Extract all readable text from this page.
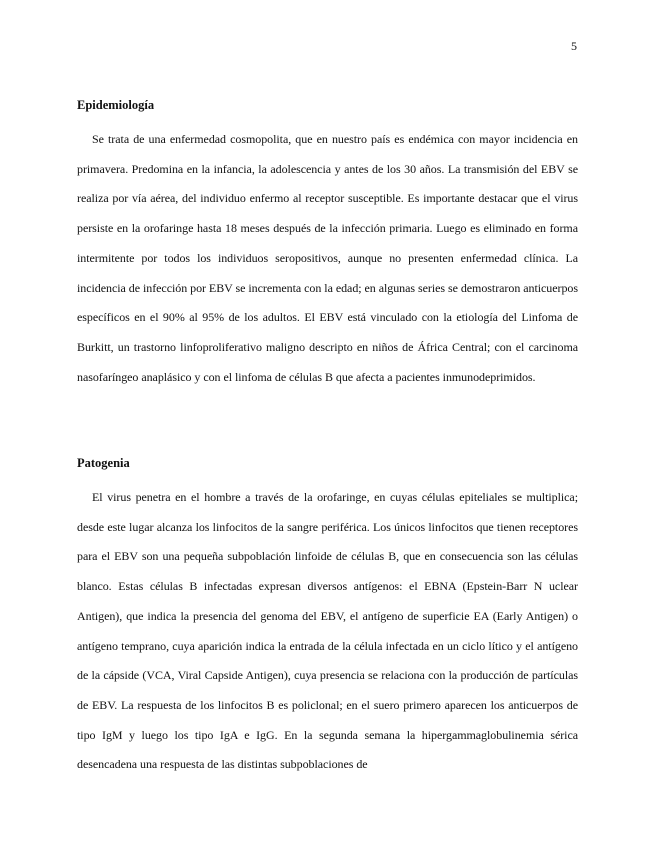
5
Epidemiología

Se trata de una enfermedad cosmopolita, que en nuestro país es endémica con mayor incidencia en primavera. Predomina en la infancia, la adolescencia y antes de los 30 años. La transmisión del EBV se realiza por vía aérea, del individuo enfermo al receptor susceptible. Es importante destacar que el virus persiste en la orofaringe hasta 18 meses después de la infección primaria. Luego es eliminado en forma intermitente por todos los individuos seropositivos, aunque no presenten enfermedad clínica. La incidencia de infección por EBV se incrementa con la edad; en algunas series se demostraron anticuerpos específicos en el 90% al 95% de los adultos. El EBV está vinculado con la etiología del Linfoma de Burkitt, un trastorno linfoproliferativo maligno descripto en niños de África Central; con el carcinoma nasofaríngeo anaplásico y con el linfoma de células B que afecta a pacientes inmunodeprimidos.

Patogenia

El virus penetra en el hombre a través de la orofaringe, en cuyas células epiteliales se multiplica; desde este lugar alcanza los linfocitos de la sangre periférica. Los únicos linfocitos que tienen receptores para el EBV son una pequeña subpoblación linfoide de células B, que en consecuencia son las células blanco. Estas células B infectadas expresan diversos antígenos: el EBNA (Epstein-Barr N uclear Antigen), que indica la presencia del genoma del EBV, el antígeno de superficie EA (Early Antigen) o antígeno temprano, cuya aparición indica la entrada de la célula infectada en un ciclo lítico y el antígeno de la cápside (VCA, Viral Capside Antigen), cuya presencia se relaciona con la producción de partículas de EBV. La respuesta de los linfocitos B es policlonal; en el suero primero aparecen los anticuerpos de tipo IgM y luego los tipo IgA e IgG. En la segunda semana la hipergammaglobulinemia sérica desencadena una respuesta de las distintas subpoblaciones de
